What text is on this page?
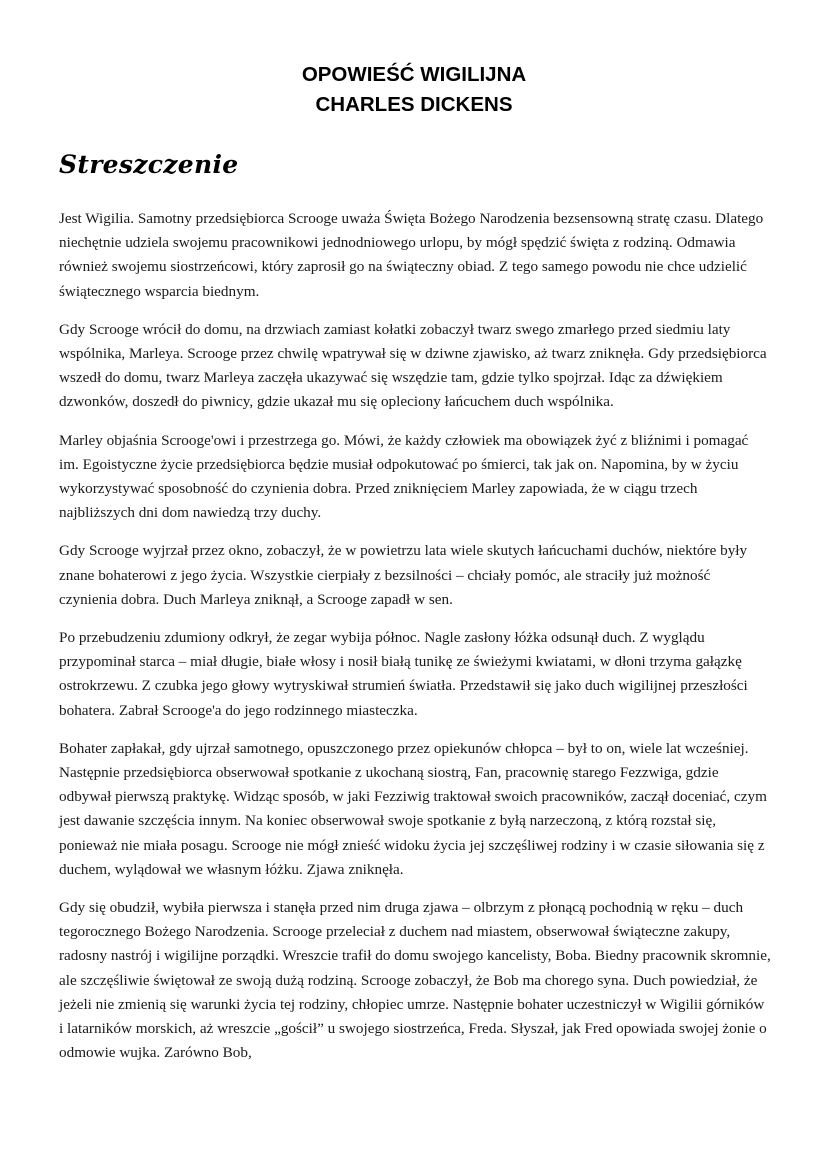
OPOWIEŚĆ WIGILIJNA
CHARLES DICKENS
Streszczenie

Jest Wigilia. Samotny przedsiębiorca Scrooge uważa Święta Bożego Narodzenia bezsensowną stratę czasu. Dlatego niechętnie udziela swojemu pracownikowi jednodniowego urlopu, by mógł spędzić święta z rodziną. Odmawia również swojemu siostrzeńcowi, który zaprosił go na świąteczny obiad. Z tego samego powodu nie chce udzielić świątecznego wsparcia biednym.

Gdy Scrooge wrócił do domu, na drzwiach zamiast kołatki zobaczył twarz swego zmarłego przed siedmiu laty wspólnika, Marleya. Scrooge przez chwilę wpatrywał się w dziwne zjawisko, aż twarz zniknęła. Gdy przedsiębiorca wszedł do domu, twarz Marleya zaczęła ukazywać się wszędzie tam, gdzie tylko spojrzał. Idąc za dźwiękiem dzwonków, doszedł do piwnicy, gdzie ukazał mu się opleciony łańcuchem duch wspólnika.

Marley objaśnia Scrooge'owi i przestrzega go. Mówi, że każdy człowiek ma obowiązek żyć z bliźnimi i pomagać im. Egoistyczne życie przedsiębiorca będzie musiał odpokutować po śmierci, tak jak on. Napomina, by w życiu wykorzystywać sposobność do czynienia dobra. Przed zniknięciem Marley zapowiada, że w ciągu trzech najbliższych dni dom nawiedzą trzy duchy.

Gdy Scrooge wyjrzał przez okno, zobaczył, że w powietrzu lata wiele skutych łańcuchami duchów, niektóre były znane bohaterowi z jego życia. Wszystkie cierpiały z bezsilności – chciały pomóc, ale straciły już możność czynienia dobra. Duch Marleya zniknął, a Scrooge zapadł w sen.

Po przebudzeniu zdumiony odkrył, że zegar wybija północ. Nagle zasłony łóżka odsunął duch. Z wyglądu przypominał starca – miał długie, białe włosy i nosił białą tunikę ze świeżymi kwiatami, w dłoni trzyma gałązkę ostrokrzewu. Z czubka jego głowy wytryskiwał strumień światła. Przedstawił się jako duch wigilijnej przeszłości bohatera. Zabrał Scrooge'a do jego rodzinnego miasteczka.

Bohater zapłakał, gdy ujrzał samotnego, opuszczonego przez opiekunów chłopca – był to on, wiele lat wcześniej. Następnie przedsiębiorca obserwował spotkanie z ukochaną siostrą, Fan, pracownię starego Fezzwiga, gdzie odbywał pierwszą praktykę. Widząc sposób, w jaki Fezziwig traktował swoich pracowników, zaczął doceniać, czym jest dawanie szczęścia innym. Na koniec obserwował swoje spotkanie z byłą narzeczoną, z którą rozstał się, ponieważ nie miała posagu. Scrooge nie mógł znieść widoku życia jej szczęśliwej rodziny i w czasie siłowania się z duchem, wylądował we własnym łóżku. Zjawa zniknęła.

Gdy się obudził, wybiła pierwsza i stanęła przed nim druga zjawa – olbrzym z płonącą pochodnią w ręku – duch tegorocznego Bożego Narodzenia. Scrooge przeleciał z duchem nad miastem, obserwował świąteczne zakupy, radosny nastrój i wigilijne porządki. Wreszcie trafił do domu swojego kancelisty, Boba. Biedny pracownik skromnie, ale szczęśliwie świętował ze swoją dużą rodziną. Scrooge zobaczył, że Bob ma chorego syna. Duch powiedział, że jeżeli nie zmienią się warunki życia tej rodziny, chłopiec umrze. Następnie bohater uczestniczył w Wigilii górników i latarników morskich, aż wreszcie „gościł” u swojego siostrzeńca, Freda. Słyszał, jak Fred opowiada swojej żonie o odmowie wujka. Zarówno Bob,
